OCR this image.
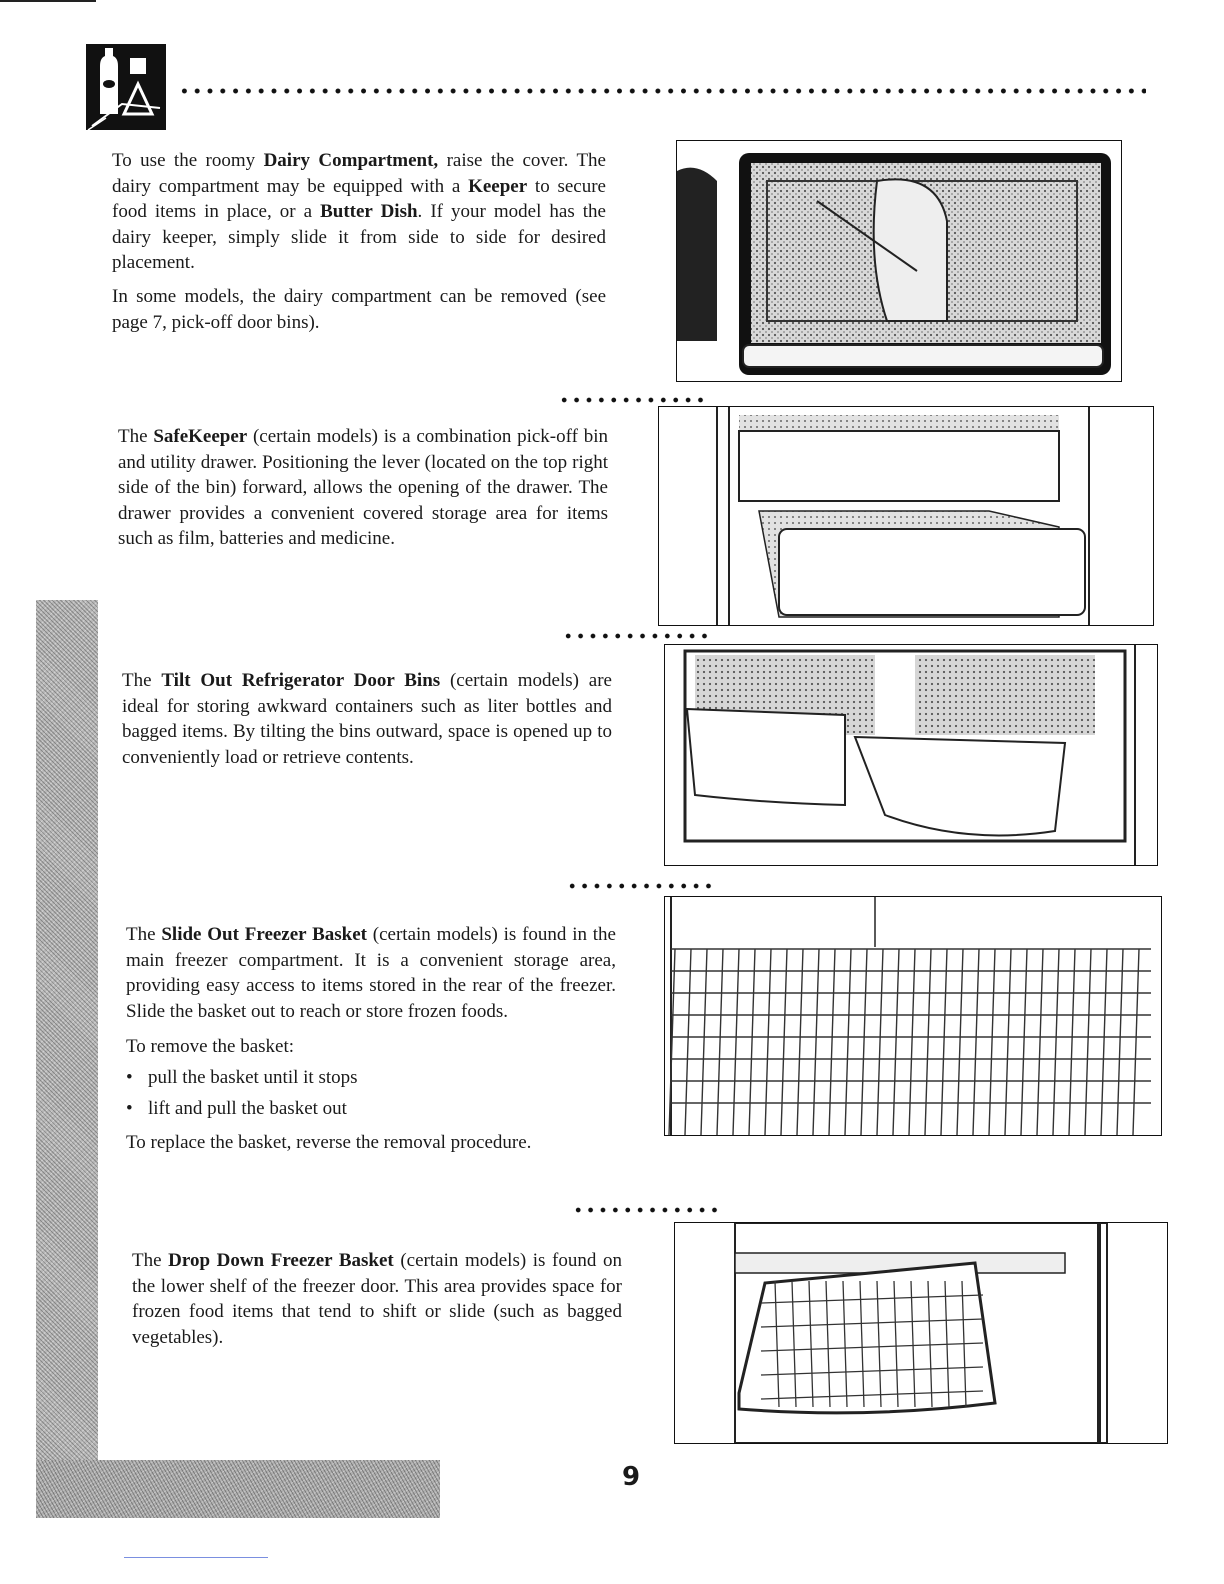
To use the roomy Dairy Compartment, raise the cover. The dairy compartment may be equipped with a Keeper to secure food items in place, or a Butter Dish. If your model has the dairy keeper, simply slide it from side to side for desired placement.

In some models, the dairy compartment can be removed (see page 7, pick-off door bins).

The SafeKeeper (certain models) is a combination pick-off bin and utility drawer. Positioning the lever (located on the top right side of the bin) forward, allows the opening of the drawer. The drawer provides a convenient covered storage area for items such as film, batteries and medicine.

The Tilt Out Refrigerator Door Bins (certain models) are ideal for storing awkward containers such as liter bottles and bagged items. By tilting the bins outward, space is opened up to conveniently load or retrieve contents.

The Slide Out Freezer Basket (certain models) is found in the main freezer compartment. It is a convenient storage area, providing easy access to items stored in the rear of the freezer. Slide the basket out to reach or store frozen foods.

To remove the basket:

• pull the basket until it stops
• lift and pull the basket out

To replace the basket, reverse the removal procedure.

The Drop Down Freezer Basket (certain models) is found on the lower shelf of the freezer door. This area provides space for frozen food items that tend to shift or slide (such as bagged vegetables).

9
